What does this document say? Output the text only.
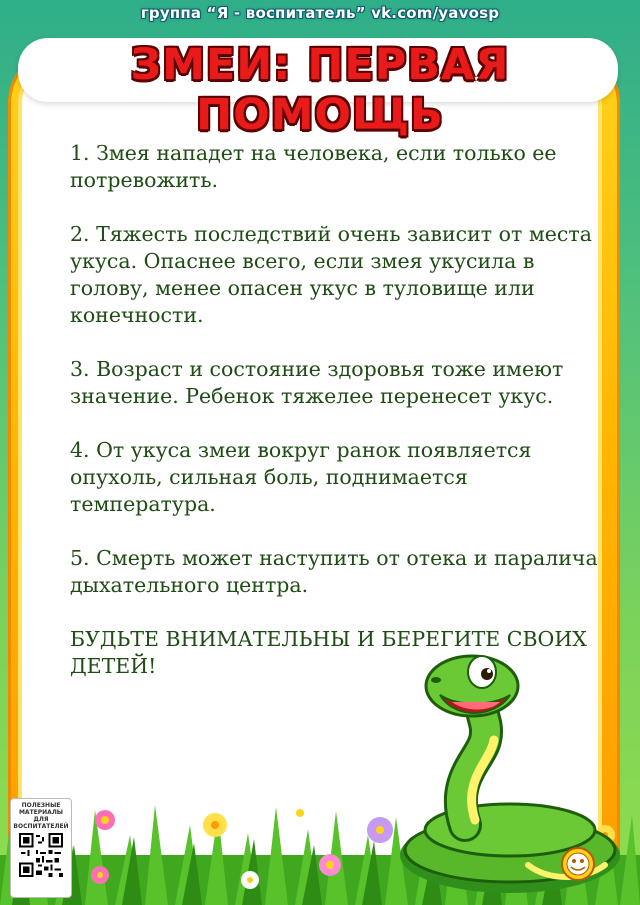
группа “Я - воспитатель” vk.com/yavosp
ЗМЕИ: ПЕРВАЯ ПОМОЩЬ

1. Змея нападет на человека, если только ее потревожить.

2. Тяжесть последствий очень зависит от места укуса. Опаснее всего, если змея укусила в голову, менее опасен укус в туловище или конечности.

3. Возраст и состояние здоровья тоже имеют значение. Ребенок тяжелее перенесет укус.

4. От укуса змеи вокруг ранок появляется опухоль, сильная боль, поднимается температура.

5. Смерть может наступить от отека и паралича дыхательного центра.

БУДЬТЕ ВНИМАТЕЛЬНЫ И БЕРЕГИТЕ СВОИХ ДЕТЕЙ!

ПОЛЕЗНЫЕ МАТЕРИАЛЫ ДЛЯ ВОСПИТАТЕЛЕЙ
